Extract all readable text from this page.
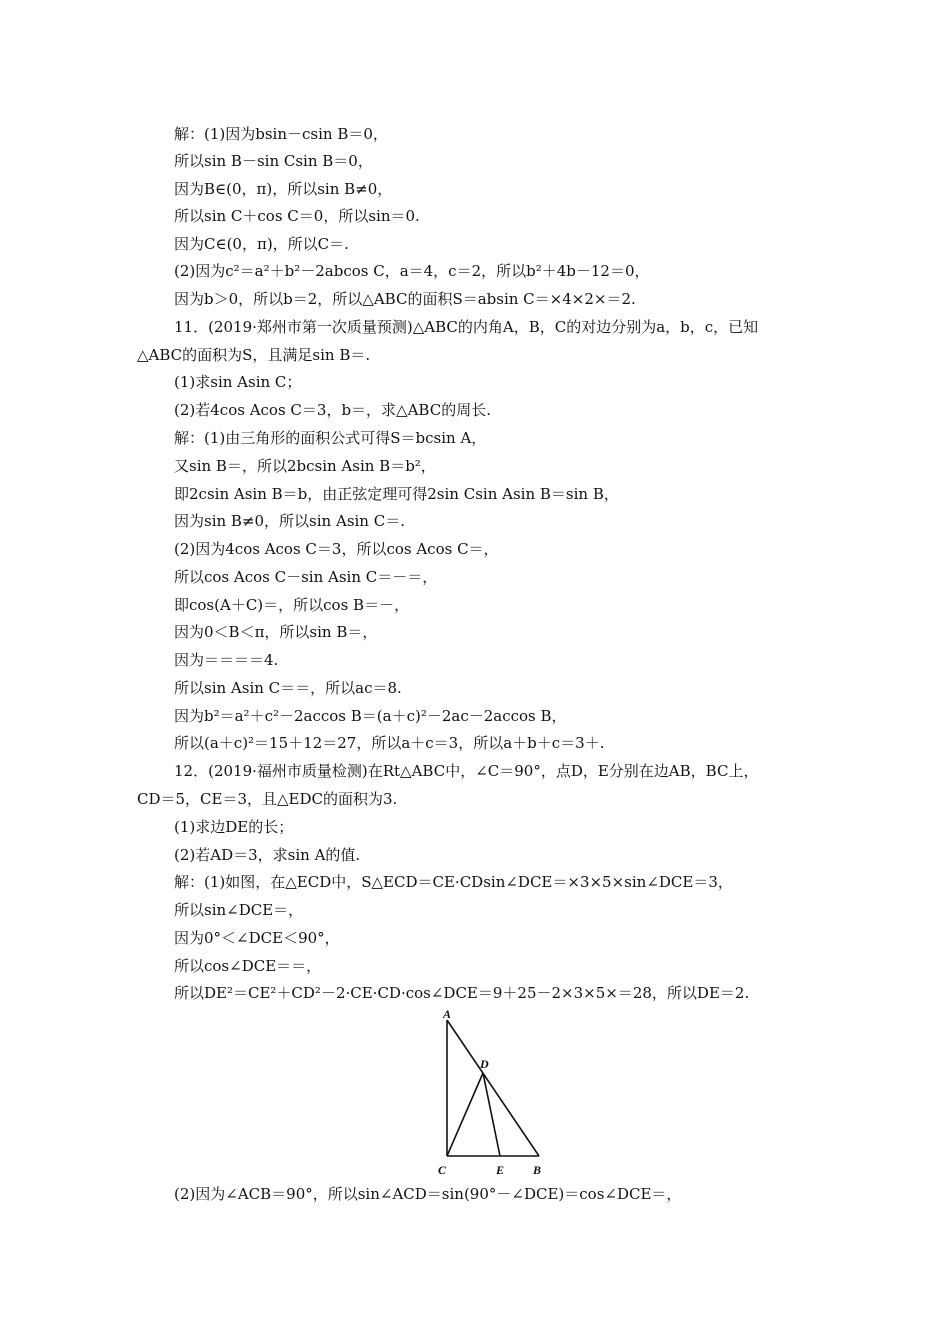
解：(1)因为bsin－csin B＝0，
所以sin B－sin Csin B＝0，
因为B∈(0，π)，所以sin B≠0，
所以sin C＋cos C＝0，所以sin＝0.
因为C∈(0，π)，所以C＝.
(2)因为c²＝a²＋b²－2abcos C，a＝4，c＝2，所以b²＋4b－12＝0，
因为b＞0，所以b＝2，所以△ABC的面积S＝absin C＝×4×2×＝2.
11．(2019·郑州市第一次质量预测)△ABC的内角A，B，C的对边分别为a，b，c，已知
△ABC的面积为S，且满足sin B＝.
(1)求sin Asin C；
(2)若4cos Acos C＝3，b＝，求△ABC的周长.
解：(1)由三角形的面积公式可得S＝bcsin A，
又sin B＝，所以2bcsin Asin B＝b²，
即2csin Asin B＝b，由正弦定理可得2sin Csin Asin B＝sin B，
因为sin B≠0，所以sin Asin C＝.
(2)因为4cos Acos C＝3，所以cos Acos C＝，
所以cos Acos C－sin Asin C＝－＝，
即cos(A＋C)＝，所以cos B＝－，
因为0＜B＜π，所以sin B＝，
因为＝＝＝＝4.
所以sin Asin C＝＝，所以ac＝8.
因为b²＝a²＋c²－2accos B＝(a＋c)²－2ac－2accos B，
所以(a＋c)²＝15＋12＝27，所以a＋c＝3，所以a＋b＋c＝3＋.
12．(2019·福州市质量检测)在Rt△ABC中，∠C＝90°，点D，E分别在边AB，BC上，
CD＝5，CE＝3，且△EDC的面积为3.
(1)求边DE的长；
(2)若AD＝3，求sin A的值.
解：(1)如图，在△ECD中，S△ECD＝CE·CDsin∠DCE＝×3×5×sin∠DCE＝3，
所以sin∠DCE＝，
因为0°＜∠DCE＜90°，
所以cos∠DCE＝＝，
所以DE²＝CE²＋CD²－2·CE·CD·cos∠DCE＝9＋25－2×3×5×＝28，所以DE＝2.
A
D
C	E B
(2)因为∠ACB＝90°，所以sin∠ACD＝sin(90°－∠DCE)＝cos∠DCE＝，
